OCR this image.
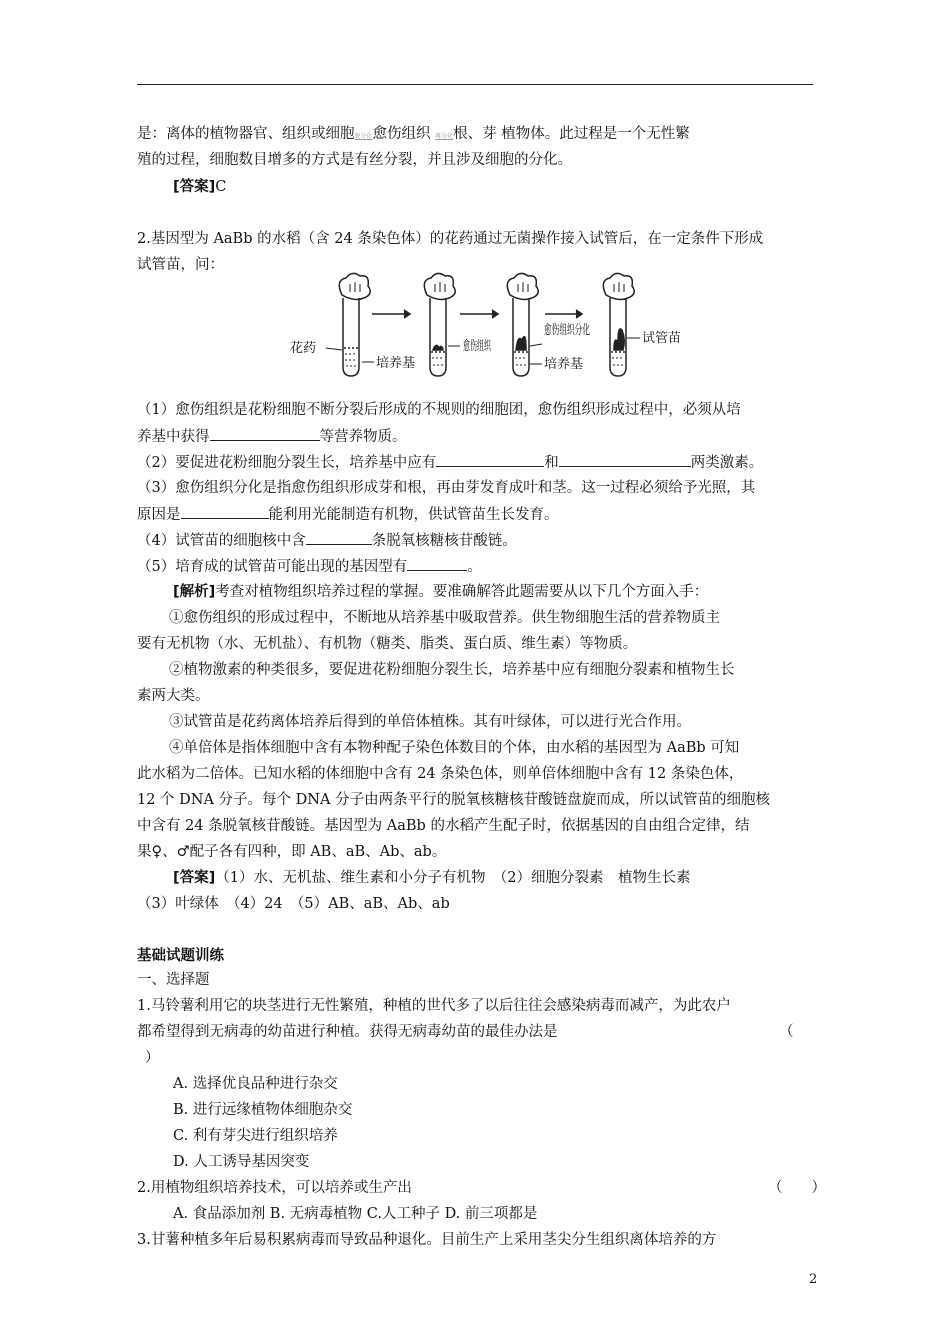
是：离体的植物器官、组织或细胞脱分化愈伤组织 再分化根、芽 植物体。此过程是一个无性繁
殖的过程，细胞数目增多的方式是有丝分裂，并且涉及细胞的分化。
[答案]C
2.基因型为 AaBb 的水稻（含 24 条染色体）的花药通过无菌操作接入试管后，在一定条件下形成
试管苗，问：
花药
培养基
愈伤组织
愈伤组织分化
培养基
试管苗
（1）愈伤组织是花粉细胞不断分裂后形成的不规则的细胞团，愈伤组织形成过程中，必须从培
养基中获得	等营养物质。
（2）要促进花粉细胞分裂生长，培养基中应有	和	两类激素。
（3）愈伤组织分化是指愈伤组织形成芽和根，再由芽发育成叶和茎。这一过程必须给予光照，其
原因是	能利用光能制造有机物，供试管苗生长发育。
（4）试管苗的细胞核中含	条脱氧核糖核苷酸链。
（5）培育成的试管苗可能出现的基因型有	。
[解析]考查对植物组织培养过程的掌握。要准确解答此题需要从以下几个方面入手：
①愈伤组织的形成过程中，不断地从培养基中吸取营养。供生物细胞生活的营养物质主
要有无机物（水、无机盐）、有机物（糖类、脂类、蛋白质、维生素）等物质。
②植物激素的种类很多，要促进花粉细胞分裂生长，培养基中应有细胞分裂素和植物生长
素两大类。
③试管苗是花药离体培养后得到的单倍体植株。其有叶绿体，可以进行光合作用。
④单倍体是指体细胞中含有本物种配子染色体数目的个体，由水稻的基因型为 AaBb 可知
此水稻为二倍体。已知水稻的体细胞中含有 24 条染色体，则单倍体细胞中含有 12 条染色体，
12 个 DNA 分子。每个 DNA 分子由两条平行的脱氧核糖核苷酸链盘旋而成，所以试管苗的细胞核
中含有 24 条脱氧核苷酸链。基因型为 AaBb 的水稻产生配子时，依据基因的自由组合定律，结
果♀、♂配子各有四种，即 AB、aB、Ab、ab。
[答案]（1）水、无机盐、维生素和小分子有机物　（2）细胞分裂素　植物生长素
（3）叶绿体　（4）24　（5）AB、aB、Ab、ab
基础试题训练
一、选择题
1.马铃薯利用它的块茎进行无性繁殖，种植的世代多了以后往往会感染病毒而减产，为此农户
都希望得到无病毒的幼苗进行种植。获得无病毒幼苗的最佳办法是	（
）
A. 选择优良品种进行杂交
B. 进行远缘植物体细胞杂交
C. 利有芽尖进行组织培养
D. 人工诱导基因突变
2.用植物组织培养技术，可以培养或生产出	（　　）
A. 食品添加剂 B. 无病毒植物 C.人工种子 D. 前三项都是
3.甘薯种植多年后易积累病毒而导致品种退化。目前生产上采用茎尖分生组织离体培养的方
2
